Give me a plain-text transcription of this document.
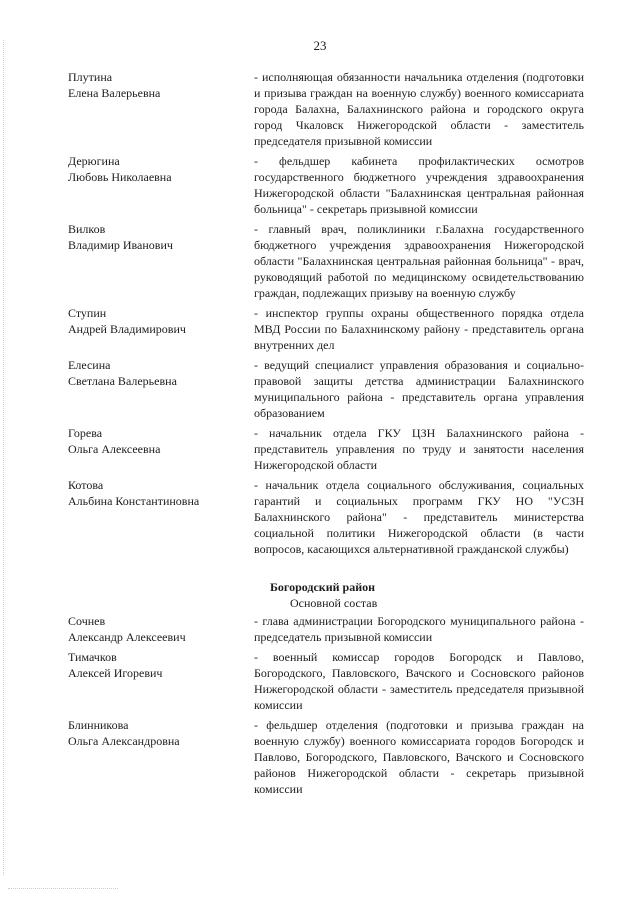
23
Плутина
Елена Валерьевна
- исполняющая обязанности начальника отделения (подготовки и призыва граждан на военную службу) военного комиссариата города Балахна, Балахнинского района и городского округа город Чкаловск Нижегородской области - заместитель председателя призывной комиссии
Дерюгина
Любовь Николаевна
- фельдшер кабинета профилактических осмотров государственного бюджетного учреждения здравоохранения Нижегородской области "Балахнинская центральная районная больница" - секретарь призывной комиссии
Вилков
Владимир Иванович
- главный врач, поликлиники г.Балахна государственного бюджетного учреждения здравоохранения Нижегородской области "Балахнинская центральная районная больница" - врач, руководящий работой по медицинскому освидетельствованию граждан, подлежащих призыву на военную службу
Ступин
Андрей Владимирович
- инспектор группы охраны общественного порядка отдела МВД России по Балахнинскому району - представитель органа внутренних дел
Елесина
Светлана Валерьевна
- ведущий специалист управления образования и социально-правовой защиты детства администрации Балахнинского муниципального района - представитель органа управления образованием
Горева
Ольга Алексеевна
- начальник отдела ГКУ ЦЗН Балахнинского района - представитель управления по труду и занятости населения Нижегородской области
Котова
Альбина Константиновна
- начальник отдела социального обслуживания, социальных гарантий и социальных программ ГКУ НО "УСЗН Балахнинского района" - представитель министерства социальной политики Нижегородской области (в части вопросов, касающихся альтернативной гражданской службы)
Богородский район
Основной состав
Сочнев
Александр Алексеевич
- глава администрации Богородского муниципального района - председатель призывной комиссии
Тимачков
Алексей Игоревич
- военный комиссар городов Богородск и Павлово, Богородского, Павловского, Вачского и Сосновского районов Нижегородской области - заместитель председателя призывной комиссии
Блинникова
Ольга Александровна
- фельдшер отделения (подготовки и призыва граждан на военную службу) военного комиссариата городов Богородск и Павлово, Богородского, Павловского, Вачского и Сосновского районов Нижегородской области - секретарь призывной комиссии
